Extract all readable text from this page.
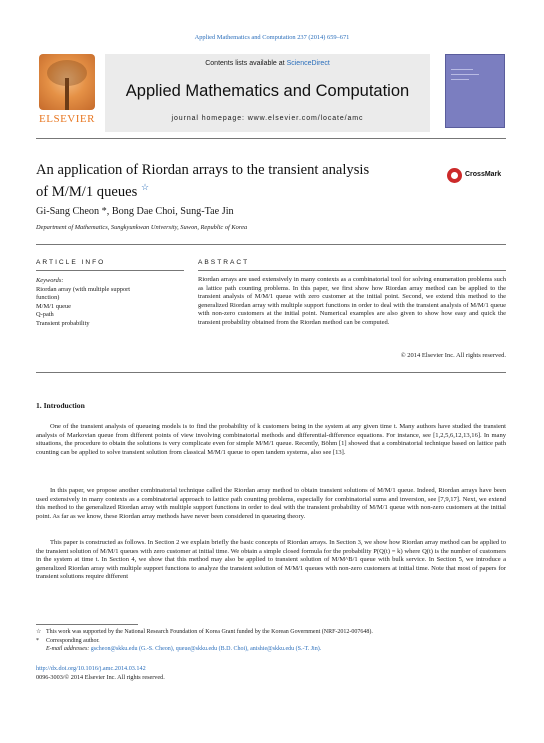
Applied Mathematics and Computation 237 (2014) 659–671
ELSEVIER
Contents lists available at ScienceDirect
Applied Mathematics and Computation
journal homepage: www.elsevier.com/locate/amc
An application of Riordan arrays to the transient analysis
of M/M/1 queues ☆
CrossMark
Gi-Sang Cheon *, Bong Dae Choi, Sung-Tae Jin
Department of Mathematics, Sungkyunkwan University, Suwon, Republic of Korea
ARTICLE INFO	ABSTRACT
Keywords:
Riordan array (with multiple support
function)
M/M/1 queue
Q-path
Transient probability
Riordan arrays are used extensively in many contexts as a combinatorial tool for solving enumeration problems such as lattice path counting problems. In this paper, we first show how Riordan array method can be applied to the transient analysis of M/M/1 queue with zero customer at the initial point. Second, we extend this method to the generalized Riordan array with multiple support functions in order to deal with the transient analysis of M/M/1 queue with non-zero customers at the initial point. Numerical examples are also given to show how easy and quick the transient probability obtained from the Riordan method can be computed.
© 2014 Elsevier Inc. All rights reserved.
1. Introduction
One of the transient analysis of queueing models is to find the probability of k customers being in the system at any given time t. Many authors have studied the transient analysis of Markovian queue from different points of view involving combinatorial methods and differential-difference equations. For instance, see [1,2,5,6,12,13,16]. In many situations, the procedure to obtain the solutions is very complicate even for simple M/M/1 queue. Recently, Böhm [1] showed that a combinatorial technique based on lattice path counting can be applied to solve transient solution from classical M/M/1 queue to open tandem systems, also see [13].
In this paper, we propose another combinatorial technique called the Riordan array method to obtain transient solutions of M/M/1 queue. Indeed, Riordan arrays have been used extensively in many contexts as a combinatorial approach to lattice path counting problems, especially for combinatorial sums and inversion, see [7,9,17]. Next, we extend this method to the generalized Riordan array with multiple support functions in order to deal with the transient probability of M/M/1 queue with non-zero customers at the initial point. As far as we know, these Riordan array methods have never been considered in queueing theory.
This paper is constructed as follows. In Section 2 we explain briefly the basic concepts of Riordan arrays. In Section 3, we show how Riordan array method can be applied to the transient solution of M/M/1 queues with zero customer at initial time. We obtain a simple closed formula for the probability P(Q(t) = k) where Q(t) is the number of customers in the system at time t. In Section 4, we show that this method may also be applied to transient solution of M/M^B/1 queue with bulk service. In Section 5, we introduce a generalized Riordan array with multiple support functions to analyze the transient solution of M/M/1 queues with non-zero customers at initial time. Note that most of papers for transient solutions require different
☆ This work was supported by the National Research Foundation of Korea Grant funded by the Korean Government (NRF-2012-007648).
* Corresponding author.
E-mail addresses: gscheon@skku.edu (G.-S. Cheon), queue@skku.edu (B.D. Choi), anishie@skku.edu (S.-T. Jin).
http://dx.doi.org/10.1016/j.amc.2014.03.142
0096-3003/© 2014 Elsevier Inc. All rights reserved.
